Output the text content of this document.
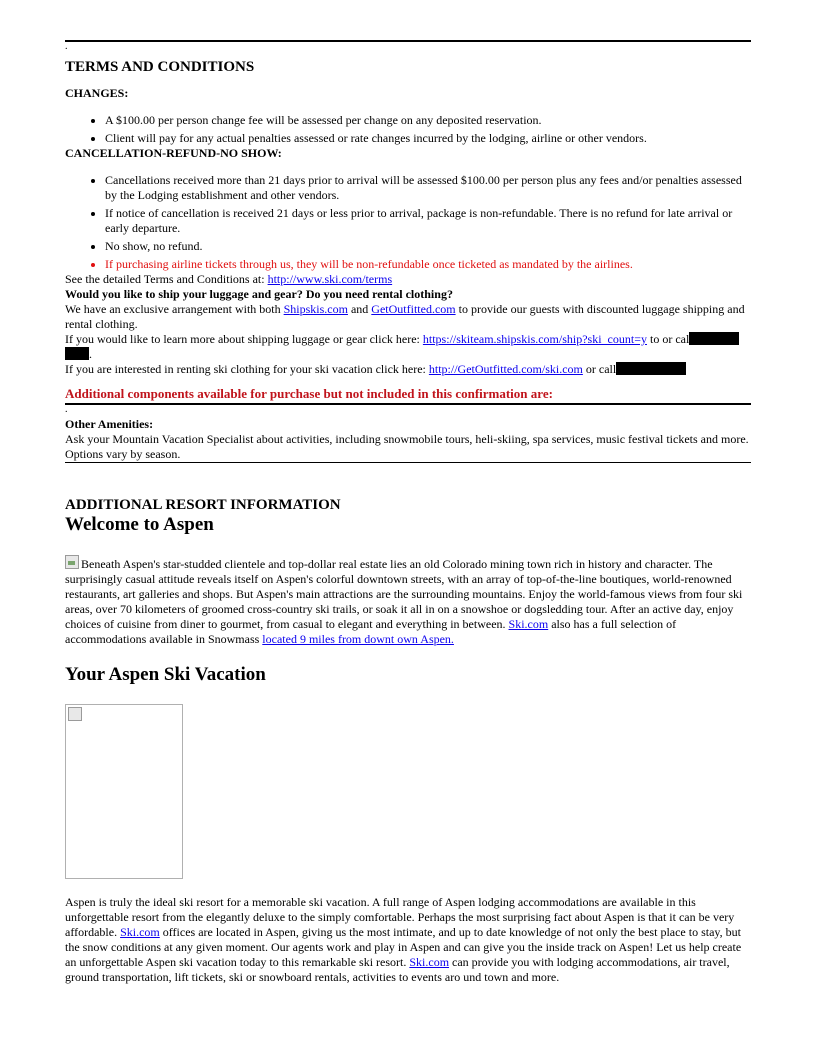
.
TERMS AND CONDITIONS
CHANGES:
• A $100.00 per person change fee will be assessed per change on any deposited reservation.
• Client will pay for any actual penalties assessed or rate changes incurred by the lodging, airline or other vendors.
CANCELLATION-REFUND-NO SHOW:
• Cancellations received more than 21 days prior to arrival will be assessed $100.00 per person plus any fees and/or penalties assessed by the Lodging establishment and other vendors.
• If notice of cancellation is received 21 days or less prior to arrival, package is non-refundable. There is no refund for late arrival or early departure.
• No show, no refund.
• If purchasing airline tickets through us, they will be non-refundable once ticketed as mandated by the airlines.
See the detailed Terms and Conditions at: http://www.ski.com/terms
Would you like to ship your luggage and gear? Do you need rental clothing?
We have an exclusive arrangement with both Shipskis.com and GetOutfitted.com to provide our guests with discounted luggage shipping and rental clothing.
If you would like to learn more about shipping luggage or gear click here: https://skiteam.shipskis.com/ship?ski_count=y to or cal
.
If you are interested in renting ski clothing for your ski vacation click here: http://GetOutfitted.com/ski.com or call
Additional components available for purchase but not included in this confirmation are:
.
Other Amenities:
Ask your Mountain Vacation Specialist about activities, including snowmobile tours, heli-skiing, spa services, music festival tickets and more. Options vary by season.
ADDITIONAL RESORT INFORMATION
Welcome to Aspen
Beneath Aspen's star-studded clientele and top-dollar real estate lies an old Colorado mining town rich in history and character. The surprisingly casual attitude reveals itself on Aspen's colorful downtown streets, with an array of top-of-the-line boutiques, world-renowned restaurants, art galleries and shops. But Aspen's main attractions are the surrounding mountains. Enjoy the world-famous views from four ski areas, over 70 kilometers of groomed cross-country ski trails, or soak it all in on a snowshoe or dogsledding tour. After an active day, enjoy choices of cuisine from diner to gourmet, from casual to elegant and everything in between. Ski.com also has a full selection of accommodations available in Snowmass located 9 miles from downt own Aspen.
Your Aspen Ski Vacation
Aspen is truly the ideal ski resort for a memorable ski vacation. A full range of Aspen lodging accommodations are available in this unforgettable resort from the elegantly deluxe to the simply comfortable. Perhaps the most surprising fact about Aspen is that it can be very affordable. Ski.com offices are located in Aspen, giving us the most intimate, and up to date knowledge of not only the best place to stay, but the snow conditions at any given moment. Our agents work and play in Aspen and can give you the inside track on Aspen! Let us help create an unforgettable Aspen ski vacation today to this remarkable ski resort. Ski.com can provide you with lodging accommodations, air travel, ground transportation, lift tickets, ski or snowboard rentals, activities to events aro und town and more.
